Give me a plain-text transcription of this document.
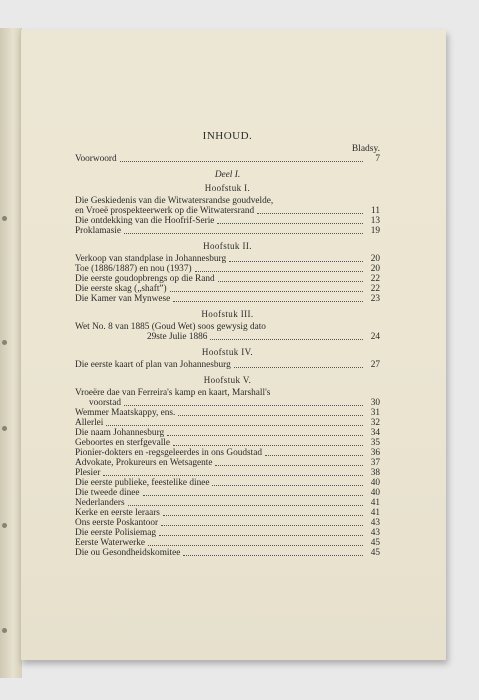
INHOUD.
Bladsy.
Voorwoord	7
Deel I.
Hoofstuk I.
Die Geskiedenis van die Witwatersrandse goudvelde,
en Vroeë prospekteerwerk op die Witwatersrand	11
Die ontdekking van die Hoofrif-Serie	13
Proklamasie	19
Hoofstuk II.
Verkoop van standplase in Johannesburg	20
Toe (1886/1887) en nou (1937)	20
Die eerste goudopbrengs op die Rand	22
Die eerste skag („shaft”)	22
Die Kamer van Mynwese	23
Hoofstuk III.
Wet No. 8 van 1885 (Goud Wet) soos gewysig dato
29ste Julie 1886	24
Hoofstuk IV.
Die eerste kaart of plan van Johannesburg	27
Hoofstuk V.
Vroeëre dae van Ferreira's kamp en kaart, Marshall's
voorstad	30
Wemmer Maatskappy, ens.	31
Allerlei	32
Die naam Johannesburg	34
Geboortes en sterfgevalle	35
Pionier-dokters en -regsgeleerdes in ons Goudstad	36
Advokate, Prokureurs en Wetsagente	37
Plesier	38
Die eerste publieke, feestelike dinee	40
Die tweede dinee	40
Nederlanders	41
Kerke en eerste leraars	41
Ons eerste Poskantoor	43
Die eerste Polisiemag	43
Eerste Waterwerke	45
Die ou Gesondheidskomitee	45
